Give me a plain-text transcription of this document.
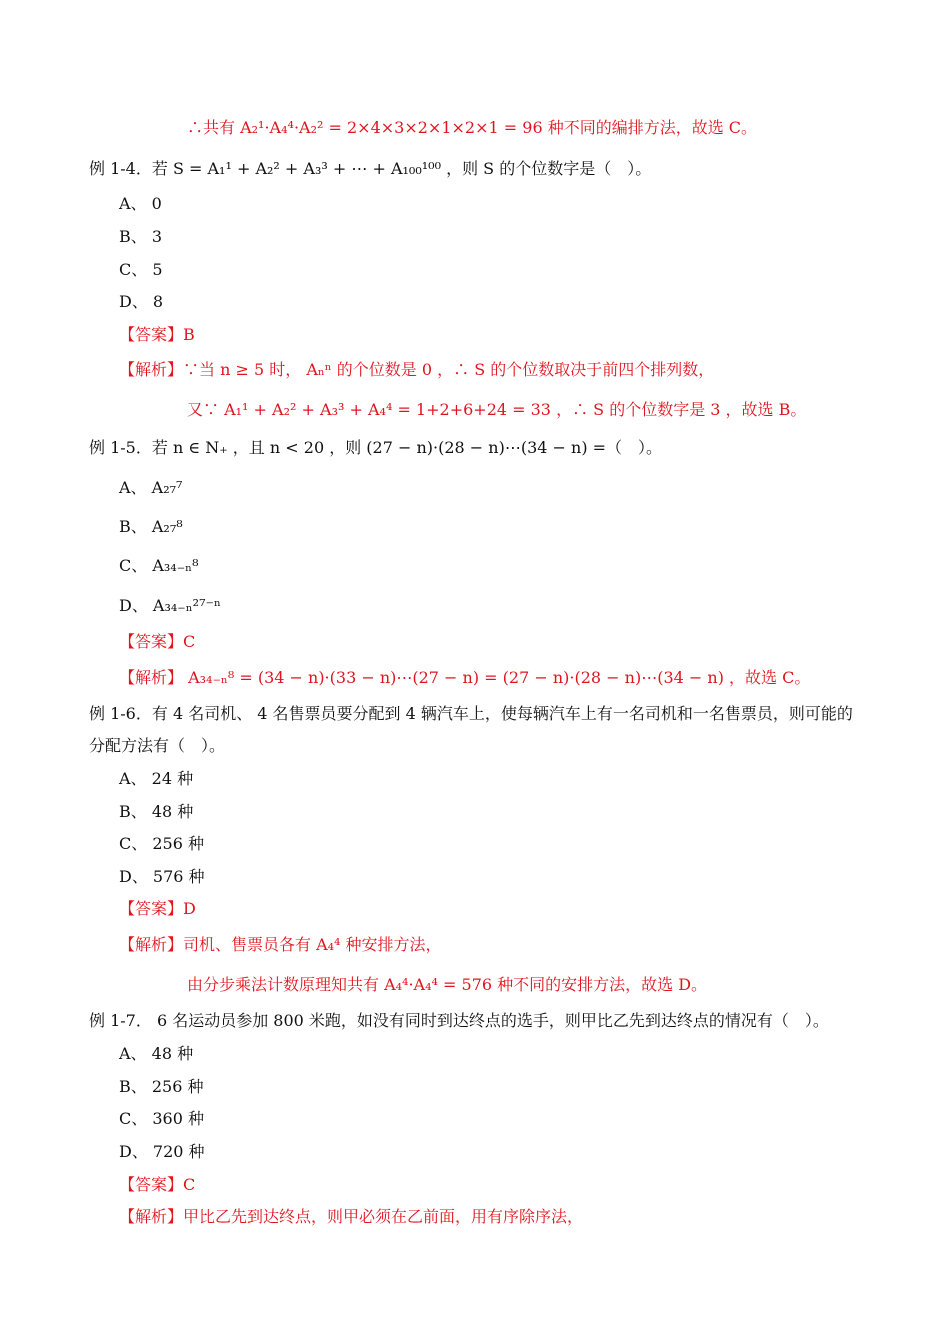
∴共有 A₂¹·A₄⁴·A₂² = 2×4×3×2×1×2×1 = 96 种不同的编排方法，故选 C。
例 1-4．若 S = A₁¹ + A₂² + A₃³ + ⋯ + A₁₀₀¹⁰⁰ ，则 S 的个位数字是（　）。
A、 0
B、 3
C、 5
D、 8
【答案】B
【解析】∵当 n ≥ 5 时， Aₙⁿ 的个位数是 0 ，∴ S 的个位数取决于前四个排列数，
又∵ A₁¹ + A₂² + A₃³ + A₄⁴ = 1+2+6+24 = 33 ，∴ S 的个位数字是 3 ，故选 B。
例 1-5．若 n ∈ N₊ ，且 n < 20 ，则 (27 − n)·(28 − n)⋯(34 − n) =（　）。
A、 A₂₇⁷
B、 A₂₇⁸
C、 A₃₄₋ₙ⁸
D、 A₃₄₋ₙ²⁷⁻ⁿ
【答案】C
【解析】 A₃₄₋ₙ⁸ = (34 − n)·(33 − n)⋯(27 − n) = (27 − n)·(28 − n)⋯(34 − n) ，故选 C。
例 1-6．有 4 名司机、 4 名售票员要分配到 4 辆汽车上，使每辆汽车上有一名司机和一名售票员，则可能的
分配方法有（　）。
A、 24 种
B、 48 种
C、 256 种
D、 576 种
【答案】D
【解析】司机、售票员各有 A₄⁴ 种安排方法，
由分步乘法计数原理知共有 A₄⁴·A₄⁴ = 576 种不同的安排方法，故选 D。
例 1-7． 6 名运动员参加 800 米跑，如没有同时到达终点的选手，则甲比乙先到达终点的情况有（　）。
A、 48 种
B、 256 种
C、 360 种
D、 720 种
【答案】C
【解析】甲比乙先到达终点，则甲必须在乙前面，用有序除序法，
